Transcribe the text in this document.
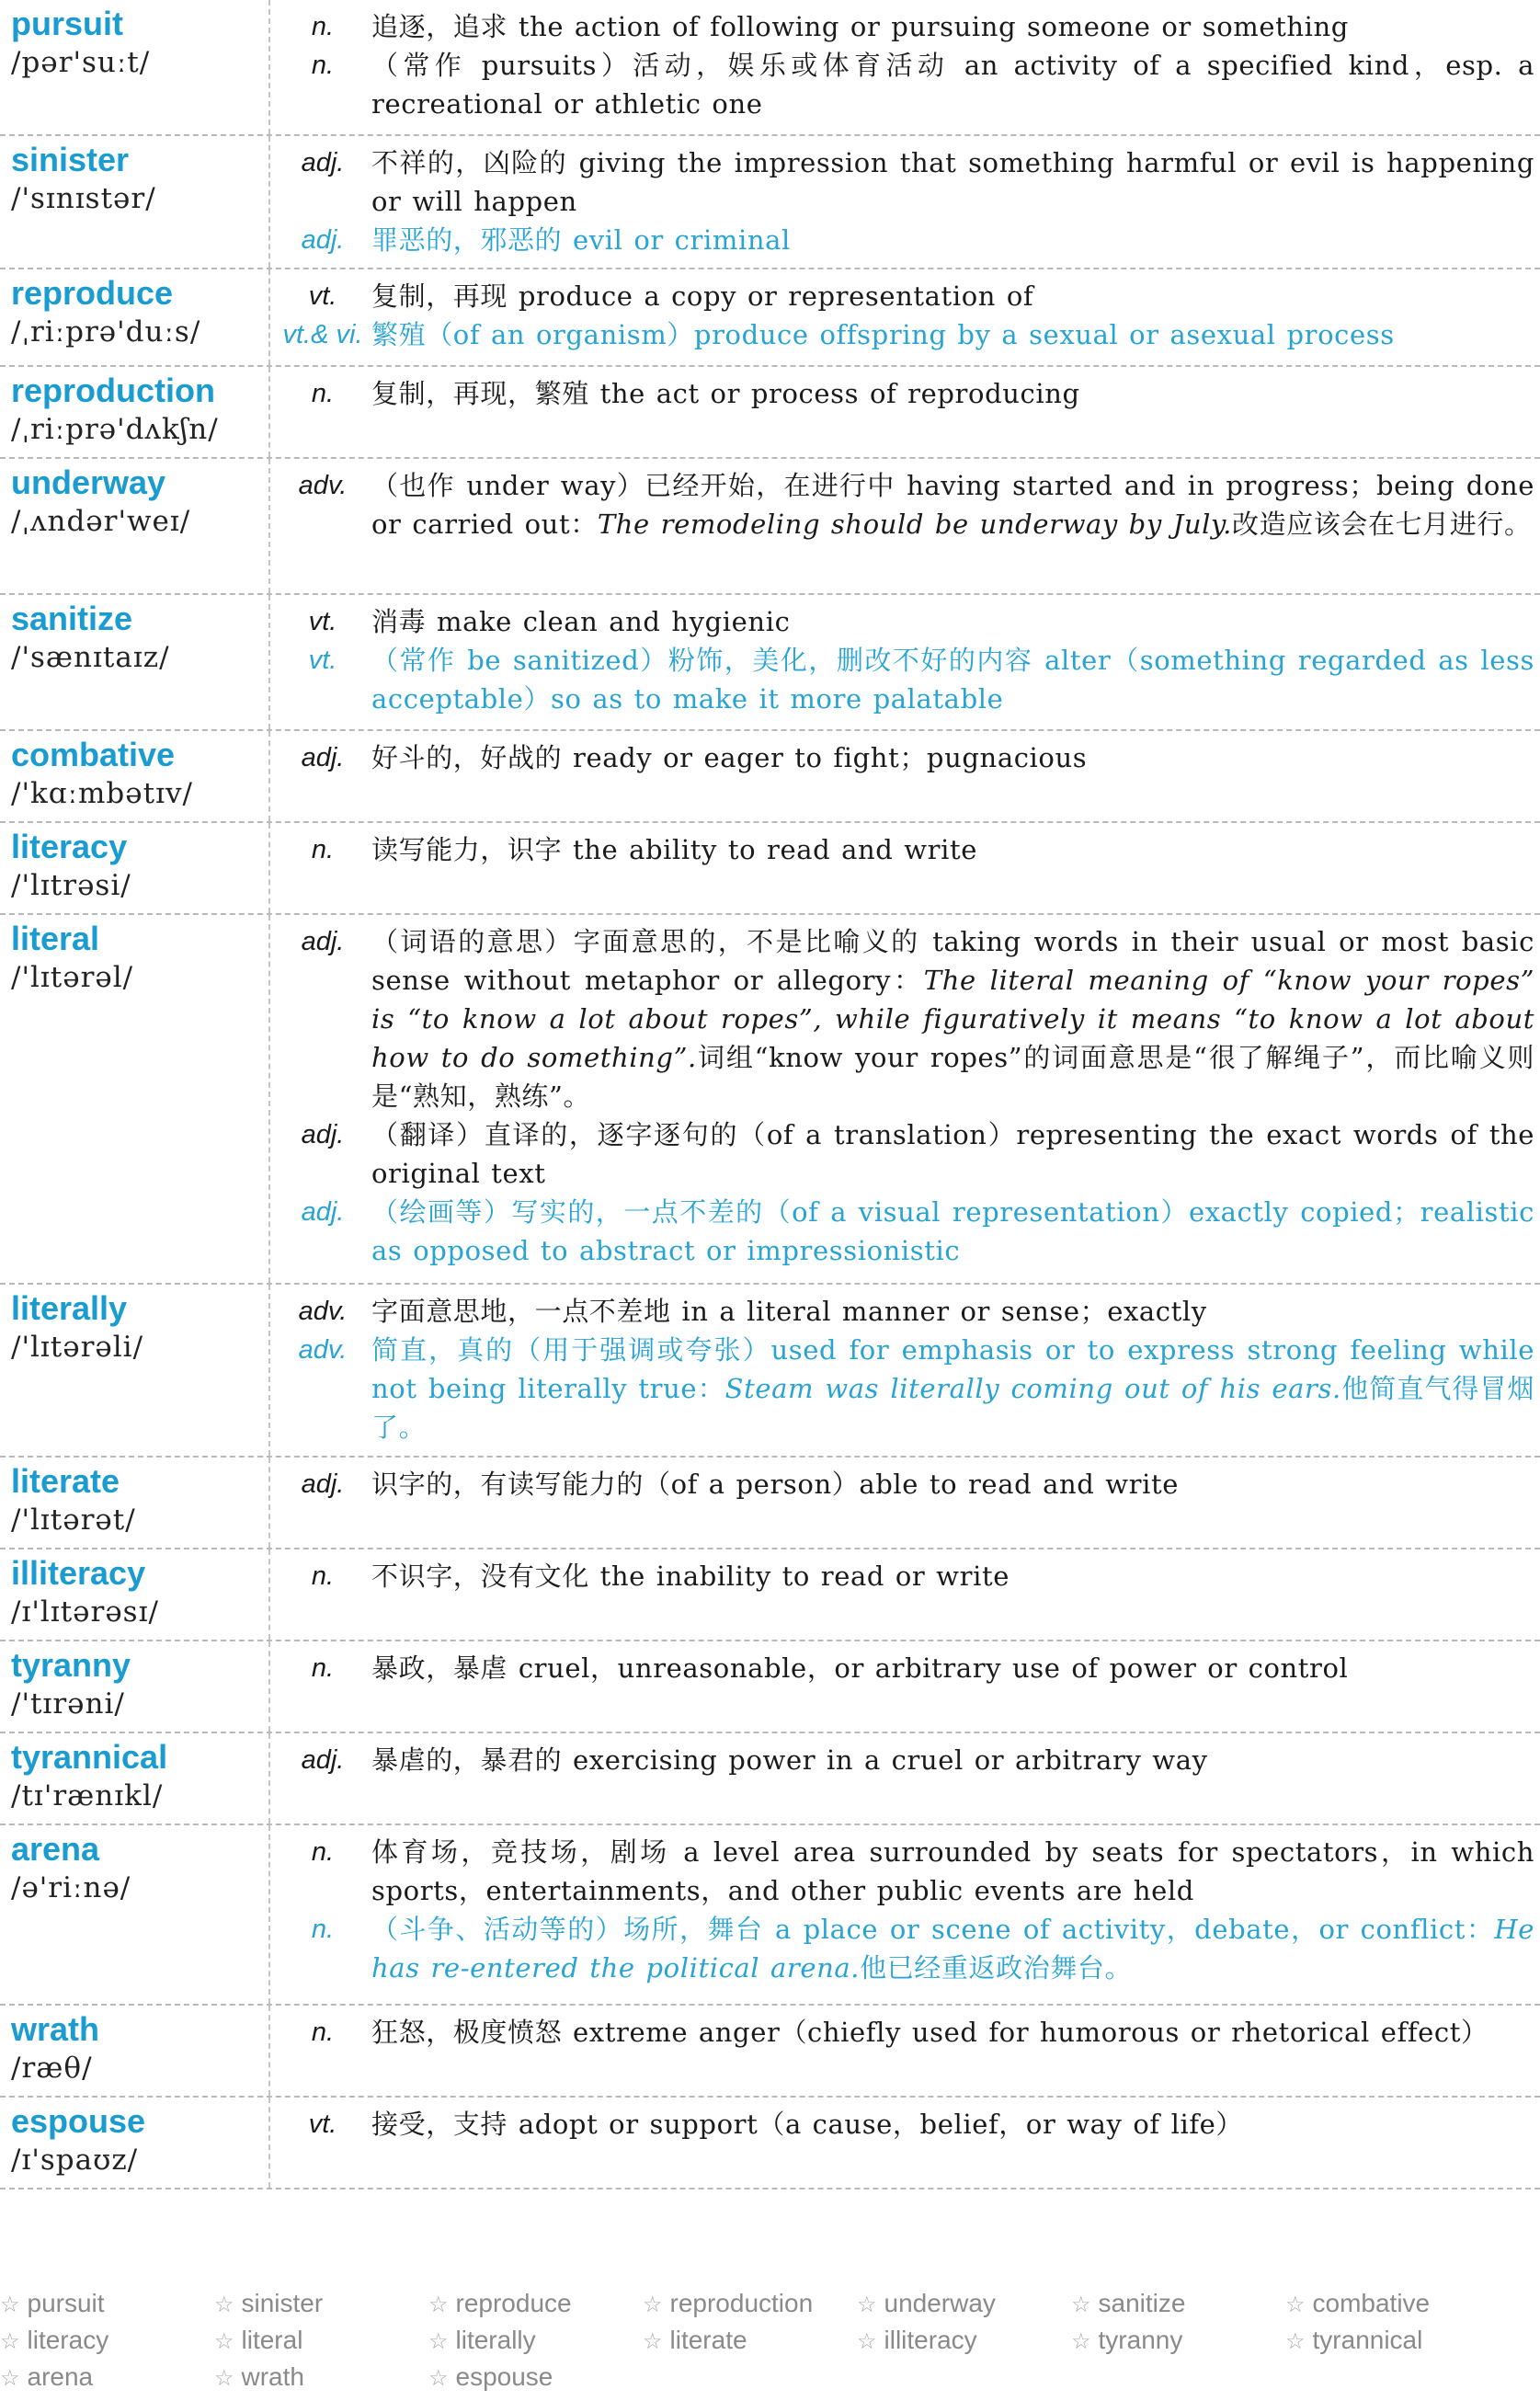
pursuit
/pər'suːt/
n.	追逐，追求 the action of following or pursuing someone or something
n.	（常作 pursuits）活动，娱乐或体育活动 an activity of a specified kind，esp. a recreational or athletic one
sinister
/'sɪnɪstər/
adj.	不祥的，凶险的 giving the impression that something harmful or evil is happening or will happen
adj.	罪恶的，邪恶的 evil or criminal
reproduce
/ˌriːprə'duːs/
vt.	复制，再现 produce a copy or representation of
vt.& vi. 繁殖（of an organism）produce offspring by a sexual or asexual process
reproduction
/ˌriːprə'dʌkʃn/
n.	复制，再现，繁殖 the act or process of reproducing
underway
/ˌʌndər'weɪ/
adv. （也作 under way）已经开始，在进行中 having started and in progress；being done or carried out：The remodeling should be underway by July.改造应该会在七月进行。
sanitize
/'sænɪtaɪz/
vt.	消毒 make clean and hygienic
vt.	（常作 be sanitized）粉饰，美化，删改不好的内容 alter（something regarded as less acceptable）so as to make it more palatable
combative
/'kɑːmbətɪv/
adj.	好斗的，好战的 ready or eager to fight；pugnacious
literacy
/'lɪtrəsi/
n.	读写能力，识字 the ability to read and write
literal
/'lɪtərəl/
adj.	（词语的意思）字面意思的，不是比喻义的 taking words in their usual or most basic sense without metaphor or allegory：The literal meaning of “know your ropes” is “to know a lot about ropes”, while figuratively it means “to know a lot about how to do something”.词组“know your ropes”的词面意思是“很了解绳子”，而比喻义则是“熟知，熟练”。
adj.	（翻译）直译的，逐字逐句的（of a translation）representing the exact words of the original text
adj.	（绘画等）写实的，一点不差的（of a visual representation）exactly copied；realistic as opposed to abstract or impressionistic
literally
/'lɪtərəli/
adv. 字面意思地，一点不差地 in a literal manner or sense；exactly
adv. 简直，真的（用于强调或夸张）used for emphasis or to express strong feeling while not being literally true：Steam was literally coming out of his ears.他简直气得冒烟了。
literate
/'lɪtərət/
adj.	识字的，有读写能力的（of a person）able to read and write
illiteracy
/ɪ'lɪtərəsɪ/
n.	不识字，没有文化 the inability to read or write
tyranny
/'tɪrəni/
n.	暴政，暴虐 cruel，unreasonable，or arbitrary use of power or control
tyrannical
/tɪ'rænɪkl/
adj.	暴虐的，暴君的 exercising power in a cruel or arbitrary way
arena
/ə'riːnə/
n.	体育场，竞技场，剧场 a level area surrounded by seats for spectators，in which sports，entertainments，and other public events are held
n.	（斗争、活动等的）场所，舞台 a place or scene of activity，debate，or conflict：He has re-entered the political arena.他已经重返政治舞台。
wrath
/ræθ/
n.	狂怒，极度愤怒 extreme anger（chiefly used for humorous or rhetorical effect）
espouse
/ɪ'spaʊz/
vt.	接受，支持 adopt or support（a cause，belief，or way of life）
☆ pursuit	☆ sinister	☆ reproduce	☆ reproduction	☆ underway	☆ sanitize	☆ combative
☆ literacy	☆ literal	☆ literally	☆ literate	☆ illiteracy	☆ tyranny	☆ tyrannical
☆ arena	☆ wrath	☆ espouse
